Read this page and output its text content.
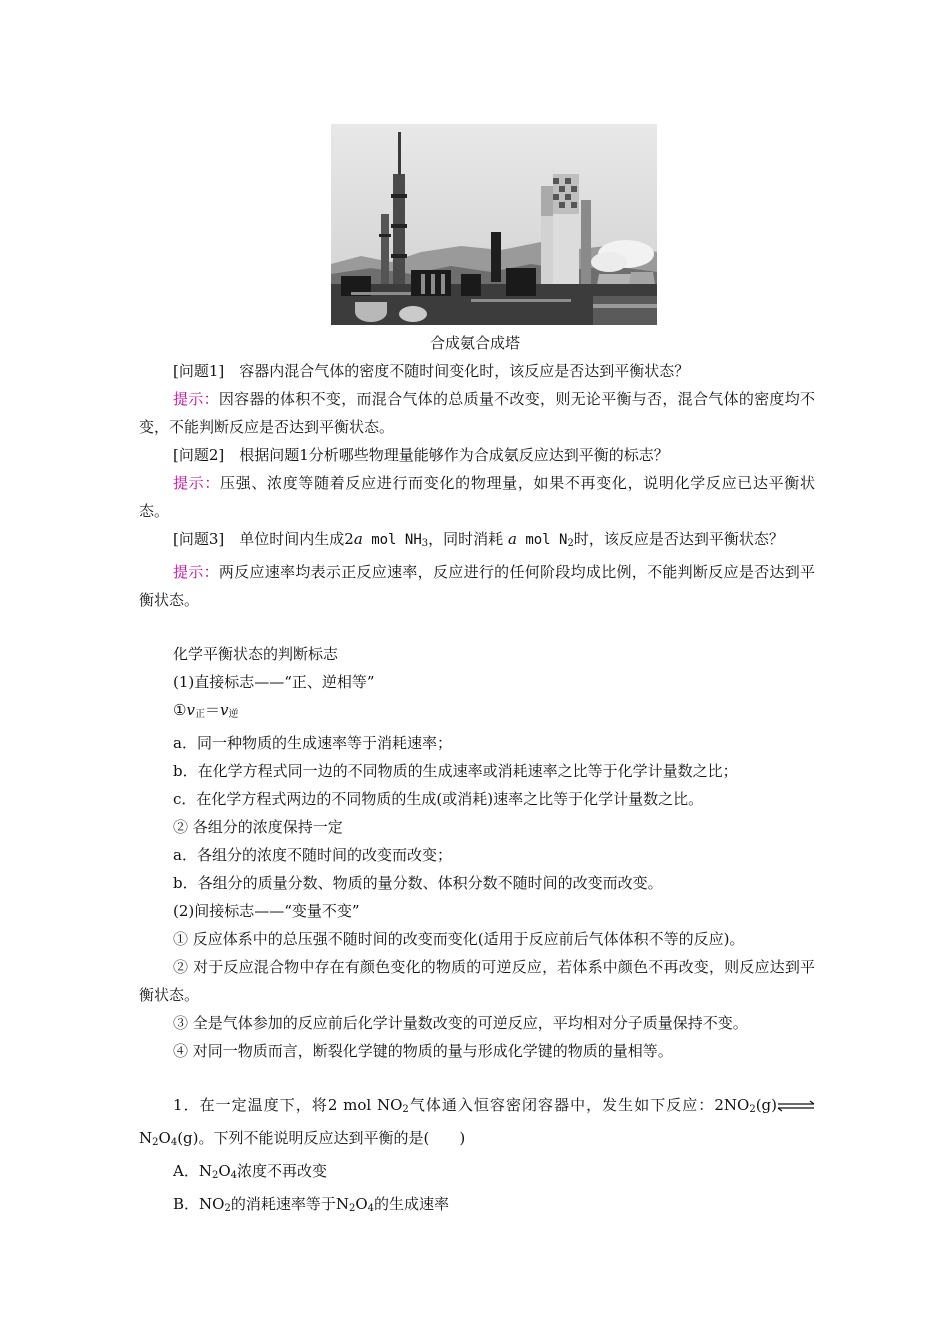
合成氨合成塔

[问题1]　 容器内混合气体的密度不随时间变化时，该反应是否达到平衡状态？

提示：因容器的体积不变，而混合气体的总质量不改变，则无论平衡与否，混合气体的密度均不变，不能判断反应是否达到平衡状态。

[问题2]　 根据问题1分析哪些物理量能够作为合成氨反应达到平衡的标志？

提示：压强、浓度等随着反应进行而变化的物理量，如果不再变化，说明化学反应已达平衡状态。

[问题3]　 单位时间内生成2a mol $NH_3$，同时消耗 a mol $N_2$时，该反应是否达到平衡状态？

提示：两反应速率均表示正反应速率，反应进行的任何阶段均成比例，不能判断反应是否达到平衡状态。

化学平衡状态的判断标志

(1)直接标志——“正、逆相等”

$①v_正=v_逆$

a．同一种物质的生成速率等于消耗速率；

b．在化学方程式同一边的不同物质的生成速率或消耗速率之比等于化学计量数之比；

c．在化学方程式两边的不同物质的生成(或消耗)速率之比等于化学计量数之比。

② 各组分的浓度保持一定

a．各组分的浓度不随时间的改变而改变；

b．各组分的质量分数、物质的量分数、体积分数不随时间的改变而改变。

(2)间接标志——“变量不变”

① 反应体系中的总压强不随时间的改变而变化(适用于反应前后气体体积不等的反应)。

② 对于反应混合物中存在有颜色变化的物质的可逆反应，若体系中颜色不再改变，则反应达到平衡状态。

③ 全是气体参加的反应前后化学计量数改变的可逆反应，平均相对分子质量保持不变。

④ 对同一物质而言，断裂化学键的物质的量与形成化学键的物质的量相等。

1．在一定温度下，将2 mol $NO_2$气体通入恒容密闭容器中，发生如下反应：$2NO_2(g)\rightleftharpoons N_2O_4(g)$。下列不能说明反应达到平衡的是(　　)

A．$N_2O_4$浓度不再改变

B．$NO_2$的消耗速率等于$N_2O_4$的生成速率
